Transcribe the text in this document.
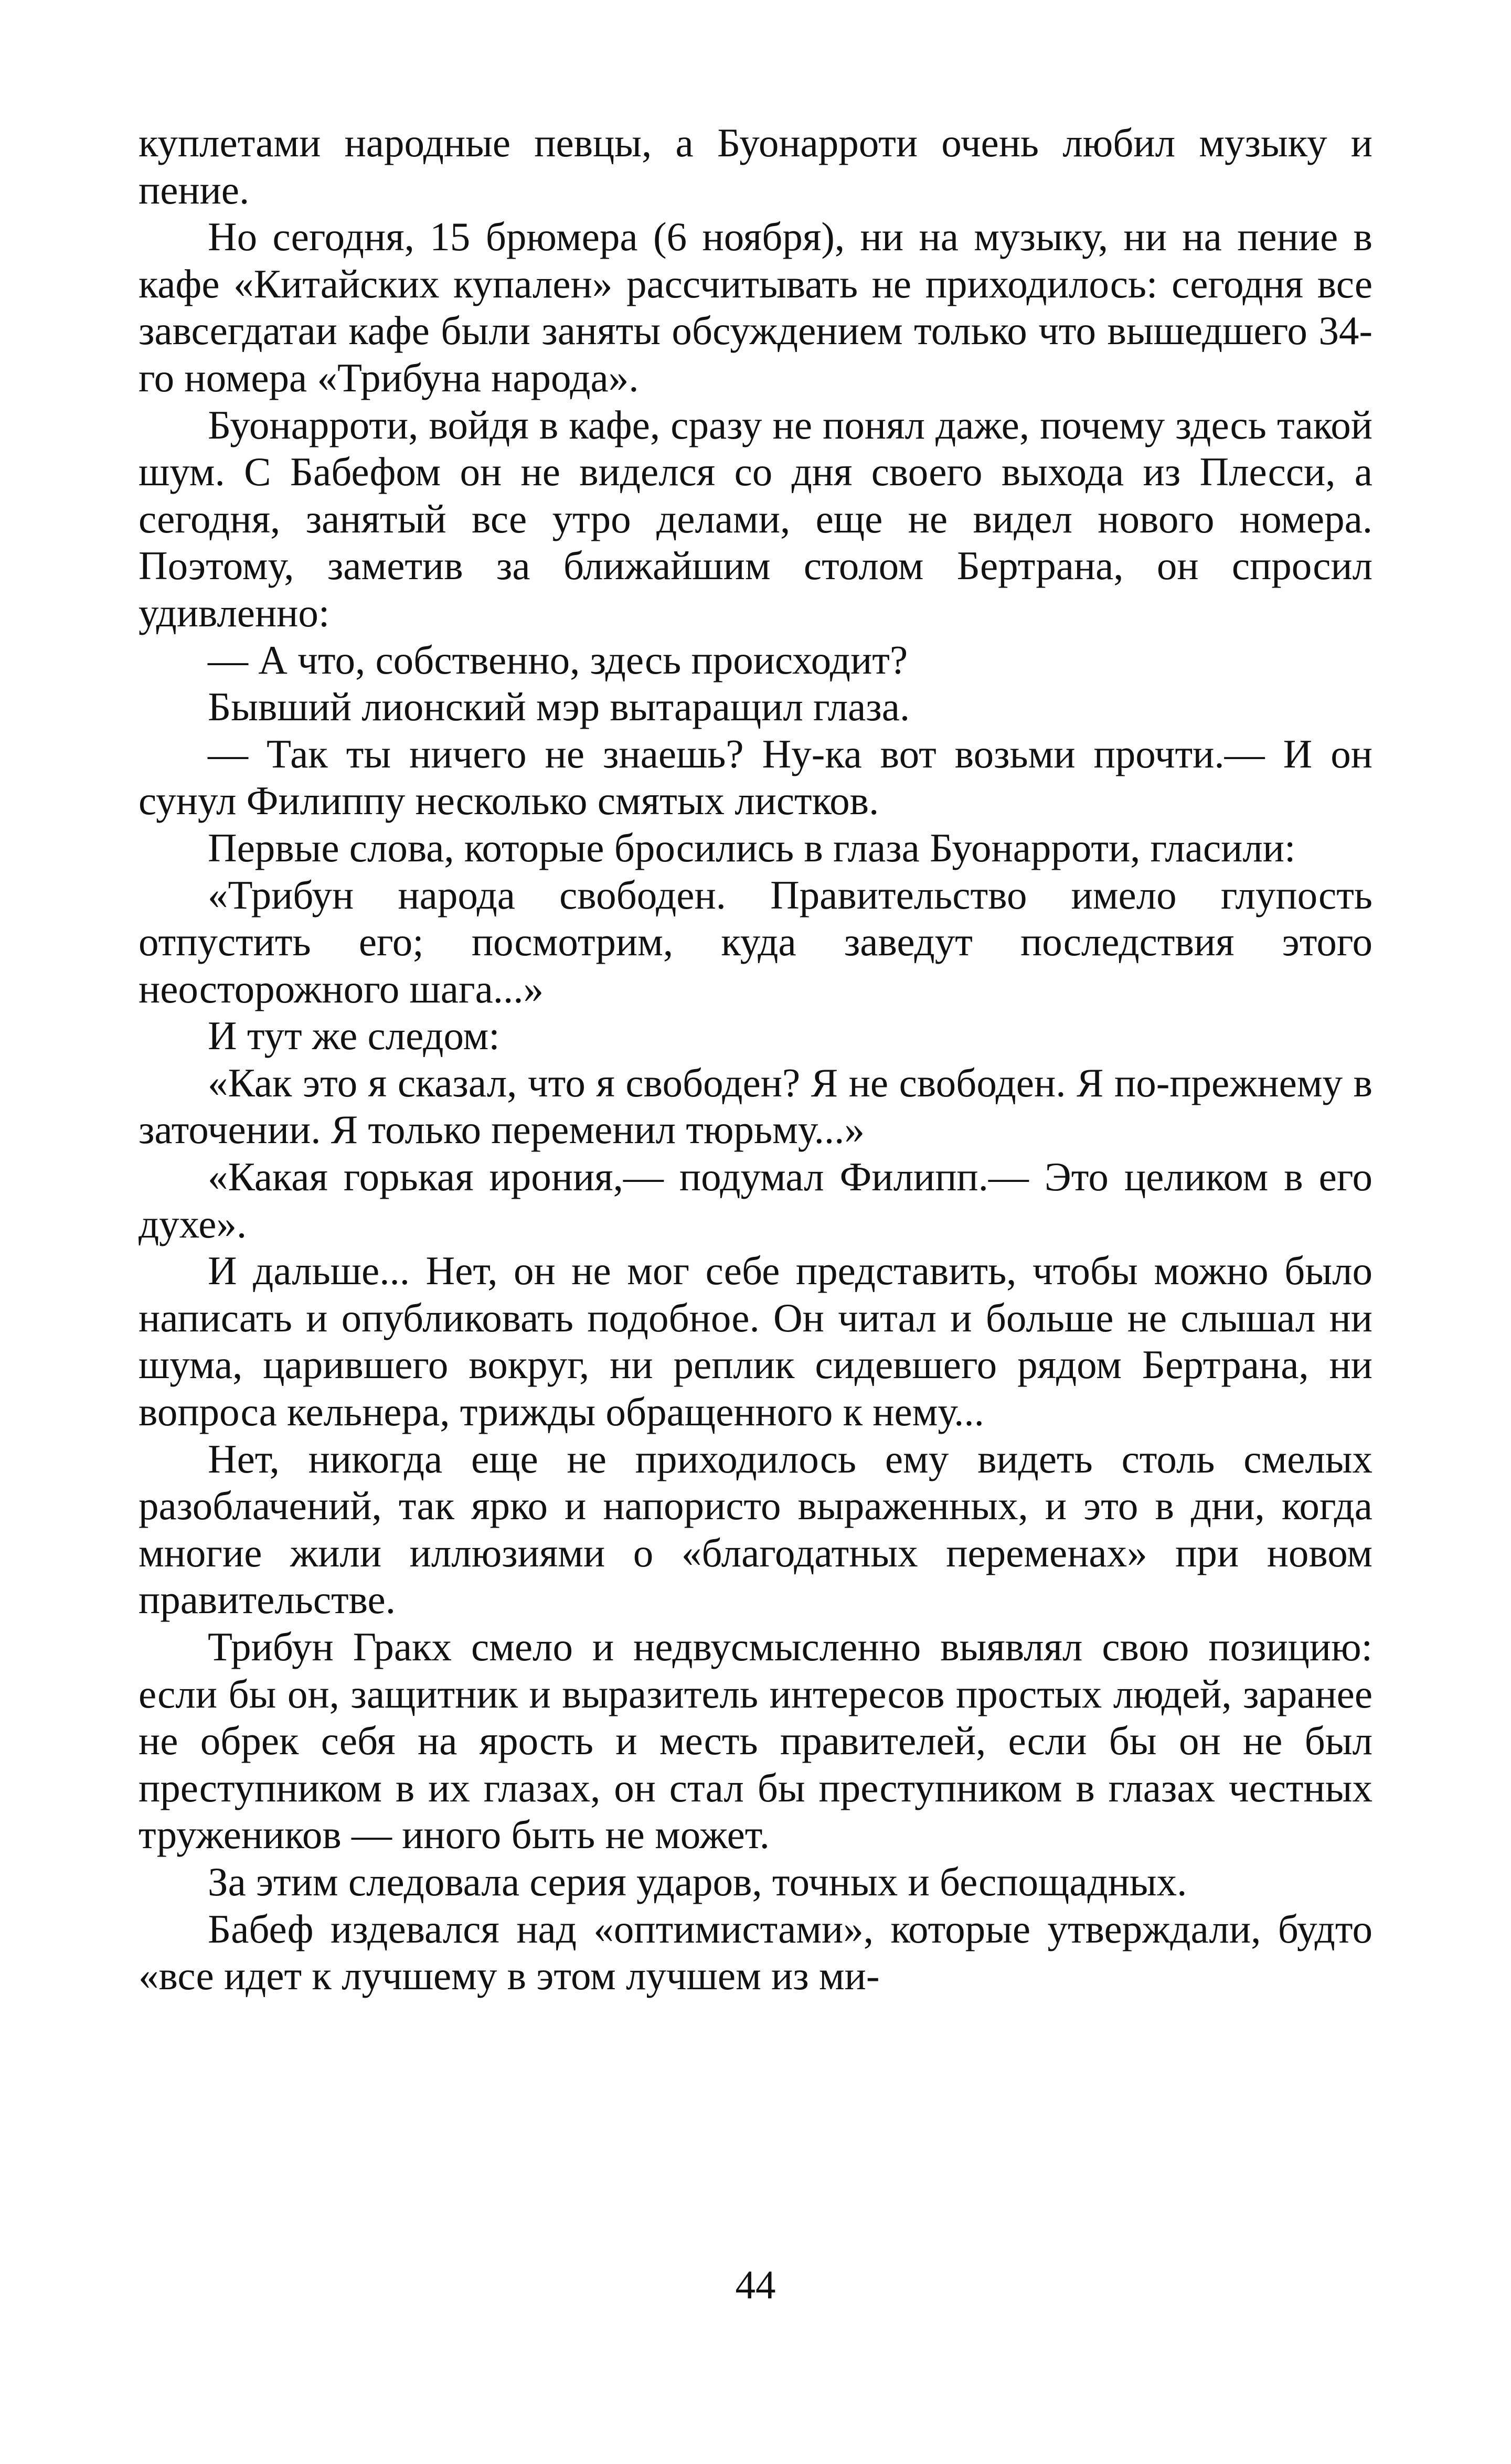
куплетами народные певцы, а Буонарроти очень любил музыку и пение.

Но сегодня, 15 брюмера (6 ноября), ни на музыку, ни на пение в кафе «Китайских купален» рассчитывать не приходилось: сегодня все завсегдатаи кафе были заняты обсуждением только что вышедшего 34-го номера «Трибуна народа».

Буонарроти, войдя в кафе, сразу не понял даже, почему здесь такой шум. С Бабефом он не виделся со дня своего выхода из Плесси, а сегодня, занятый все утро делами, еще не видел нового номера. Поэтому, заметив за ближайшим столом Бертрана, он спросил удивленно:

— А что, собственно, здесь происходит?

Бывший лионский мэр вытаращил глаза.

— Так ты ничего не знаешь? Ну-ка вот возьми прочти.— И он сунул Филиппу несколько смятых листков.

Первые слова, которые бросились в глаза Буонарроти, гласили:

«Трибун народа свободен. Правительство имело глупость отпустить его; посмотрим, куда заведут последствия этого неосторожного шага...»

И тут же следом:

«Как это я сказал, что я свободен? Я не свободен. Я по-прежнему в заточении. Я только переменил тюрьму...»

«Какая горькая ирония,— подумал Филипп.— Это целиком в его духе».

И дальше... Нет, он не мог себе представить, чтобы можно было написать и опубликовать подобное. Он читал и больше не слышал ни шума, царившего вокруг, ни реплик сидевшего рядом Бертрана, ни вопроса кельнера, трижды обращенного к нему...

Нет, никогда еще не приходилось ему видеть столь смелых разоблачений, так ярко и напористо выраженных, и это в дни, когда многие жили иллюзиями о «благодатных переменах» при новом правительстве.

Трибун Гракх смело и недвусмысленно выявлял свою позицию: если бы он, защитник и выразитель интересов простых людей, заранее не обрек себя на ярость и месть правителей, если бы он не был преступником в их глазах, он стал бы преступником в глазах честных тружеников — иного быть не может.

За этим следовала серия ударов, точных и беспощадных.

Бабеф издевался над «оптимистами», которые утверждали, будто «все идет к лучшему в этом лучшем из ми-

44
